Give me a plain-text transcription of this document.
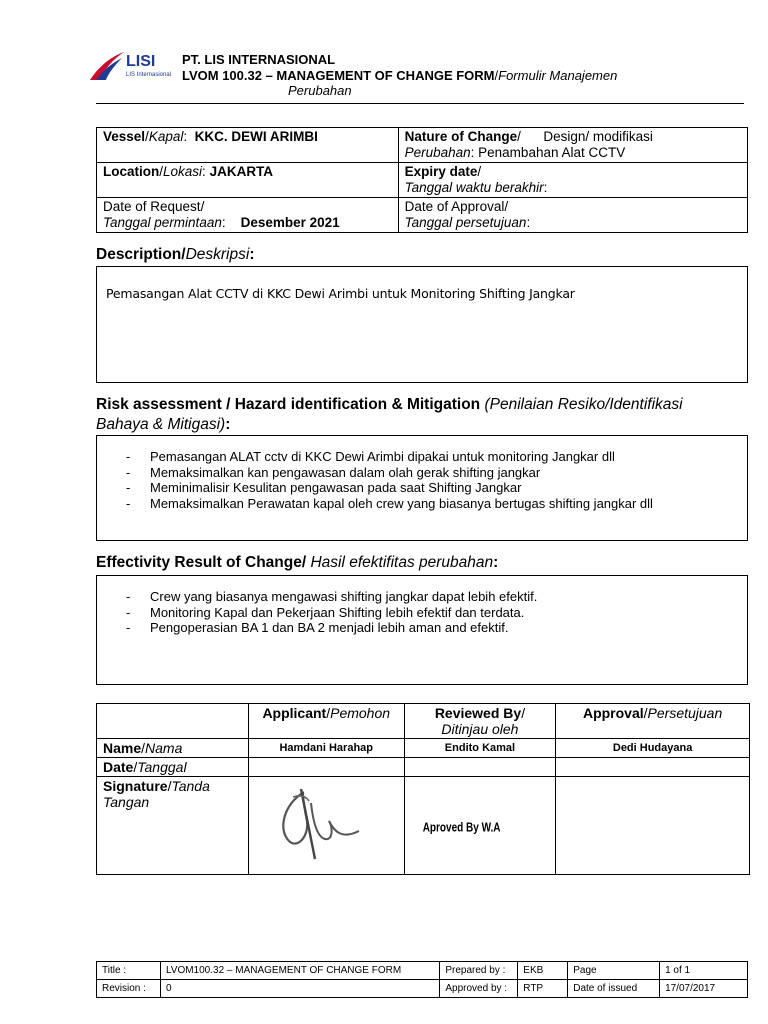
LISI
LIS Internasional
PT. LIS INTERNASIONAL
LVOM 100.32 – MANAGEMENT OF CHANGE FORM/Formulir Manajemen
Perubahan
Vessel/Kapal:  KKC. DEWI ARIMBI	Nature of Change/      Design/ modifikasi
Perubahan: Penambahan Alat CCTV
Location/Lokasi: JAKARTA	Expiry date/
Tanggal waktu berakhir:
Date of Request/
Tanggal permintaan:    Desember 2021	Date of Approval/
Tanggal persetujuan:
Description/Deskripsi:
Pemasangan Alat CCTV di KKC Dewi Arimbi untuk Monitoring Shifting Jangkar
Risk assessment / Hazard identification & Mitigation (Penilaian Resiko/Identifikasi Bahaya & Mitigasi):
- Pemasangan ALAT cctv di KKC Dewi Arimbi dipakai untuk monitoring Jangkar dll
- Memaksimalkan kan pengawasan dalam olah gerak shifting jangkar
- Meminimalisir Kesulitan pengawasan pada saat Shifting Jangkar
- Memaksimalkan Perawatan kapal oleh crew yang biasanya bertugas shifting jangkar dll
Effectivity Result of Change/ Hasil efektifitas perubahan:
- Crew yang biasanya mengawasi shifting jangkar dapat lebih efektif.
- Monitoring Kapal dan Pekerjaan Shifting lebih efektif dan terdata.
- Pengoperasian BA 1 dan BA 2 menjadi lebih aman and efektif.
	Applicant/Pemohon	Reviewed By/
Ditinjau oleh	Approval/Persetujuan
Name/Nama	Hamdani Harahap	Endito Kamal	Dedi Hudayana
Date/Tanggal			
Signature/Tanda Tangan		Aproved By W.A	
Title :	LVOM100.32 – MANAGEMENT OF CHANGE FORM	Prepared by :	EKB	Page	1 of 1
Revision :	0	Approved by :	RTP	Date of issued	17/07/2017
